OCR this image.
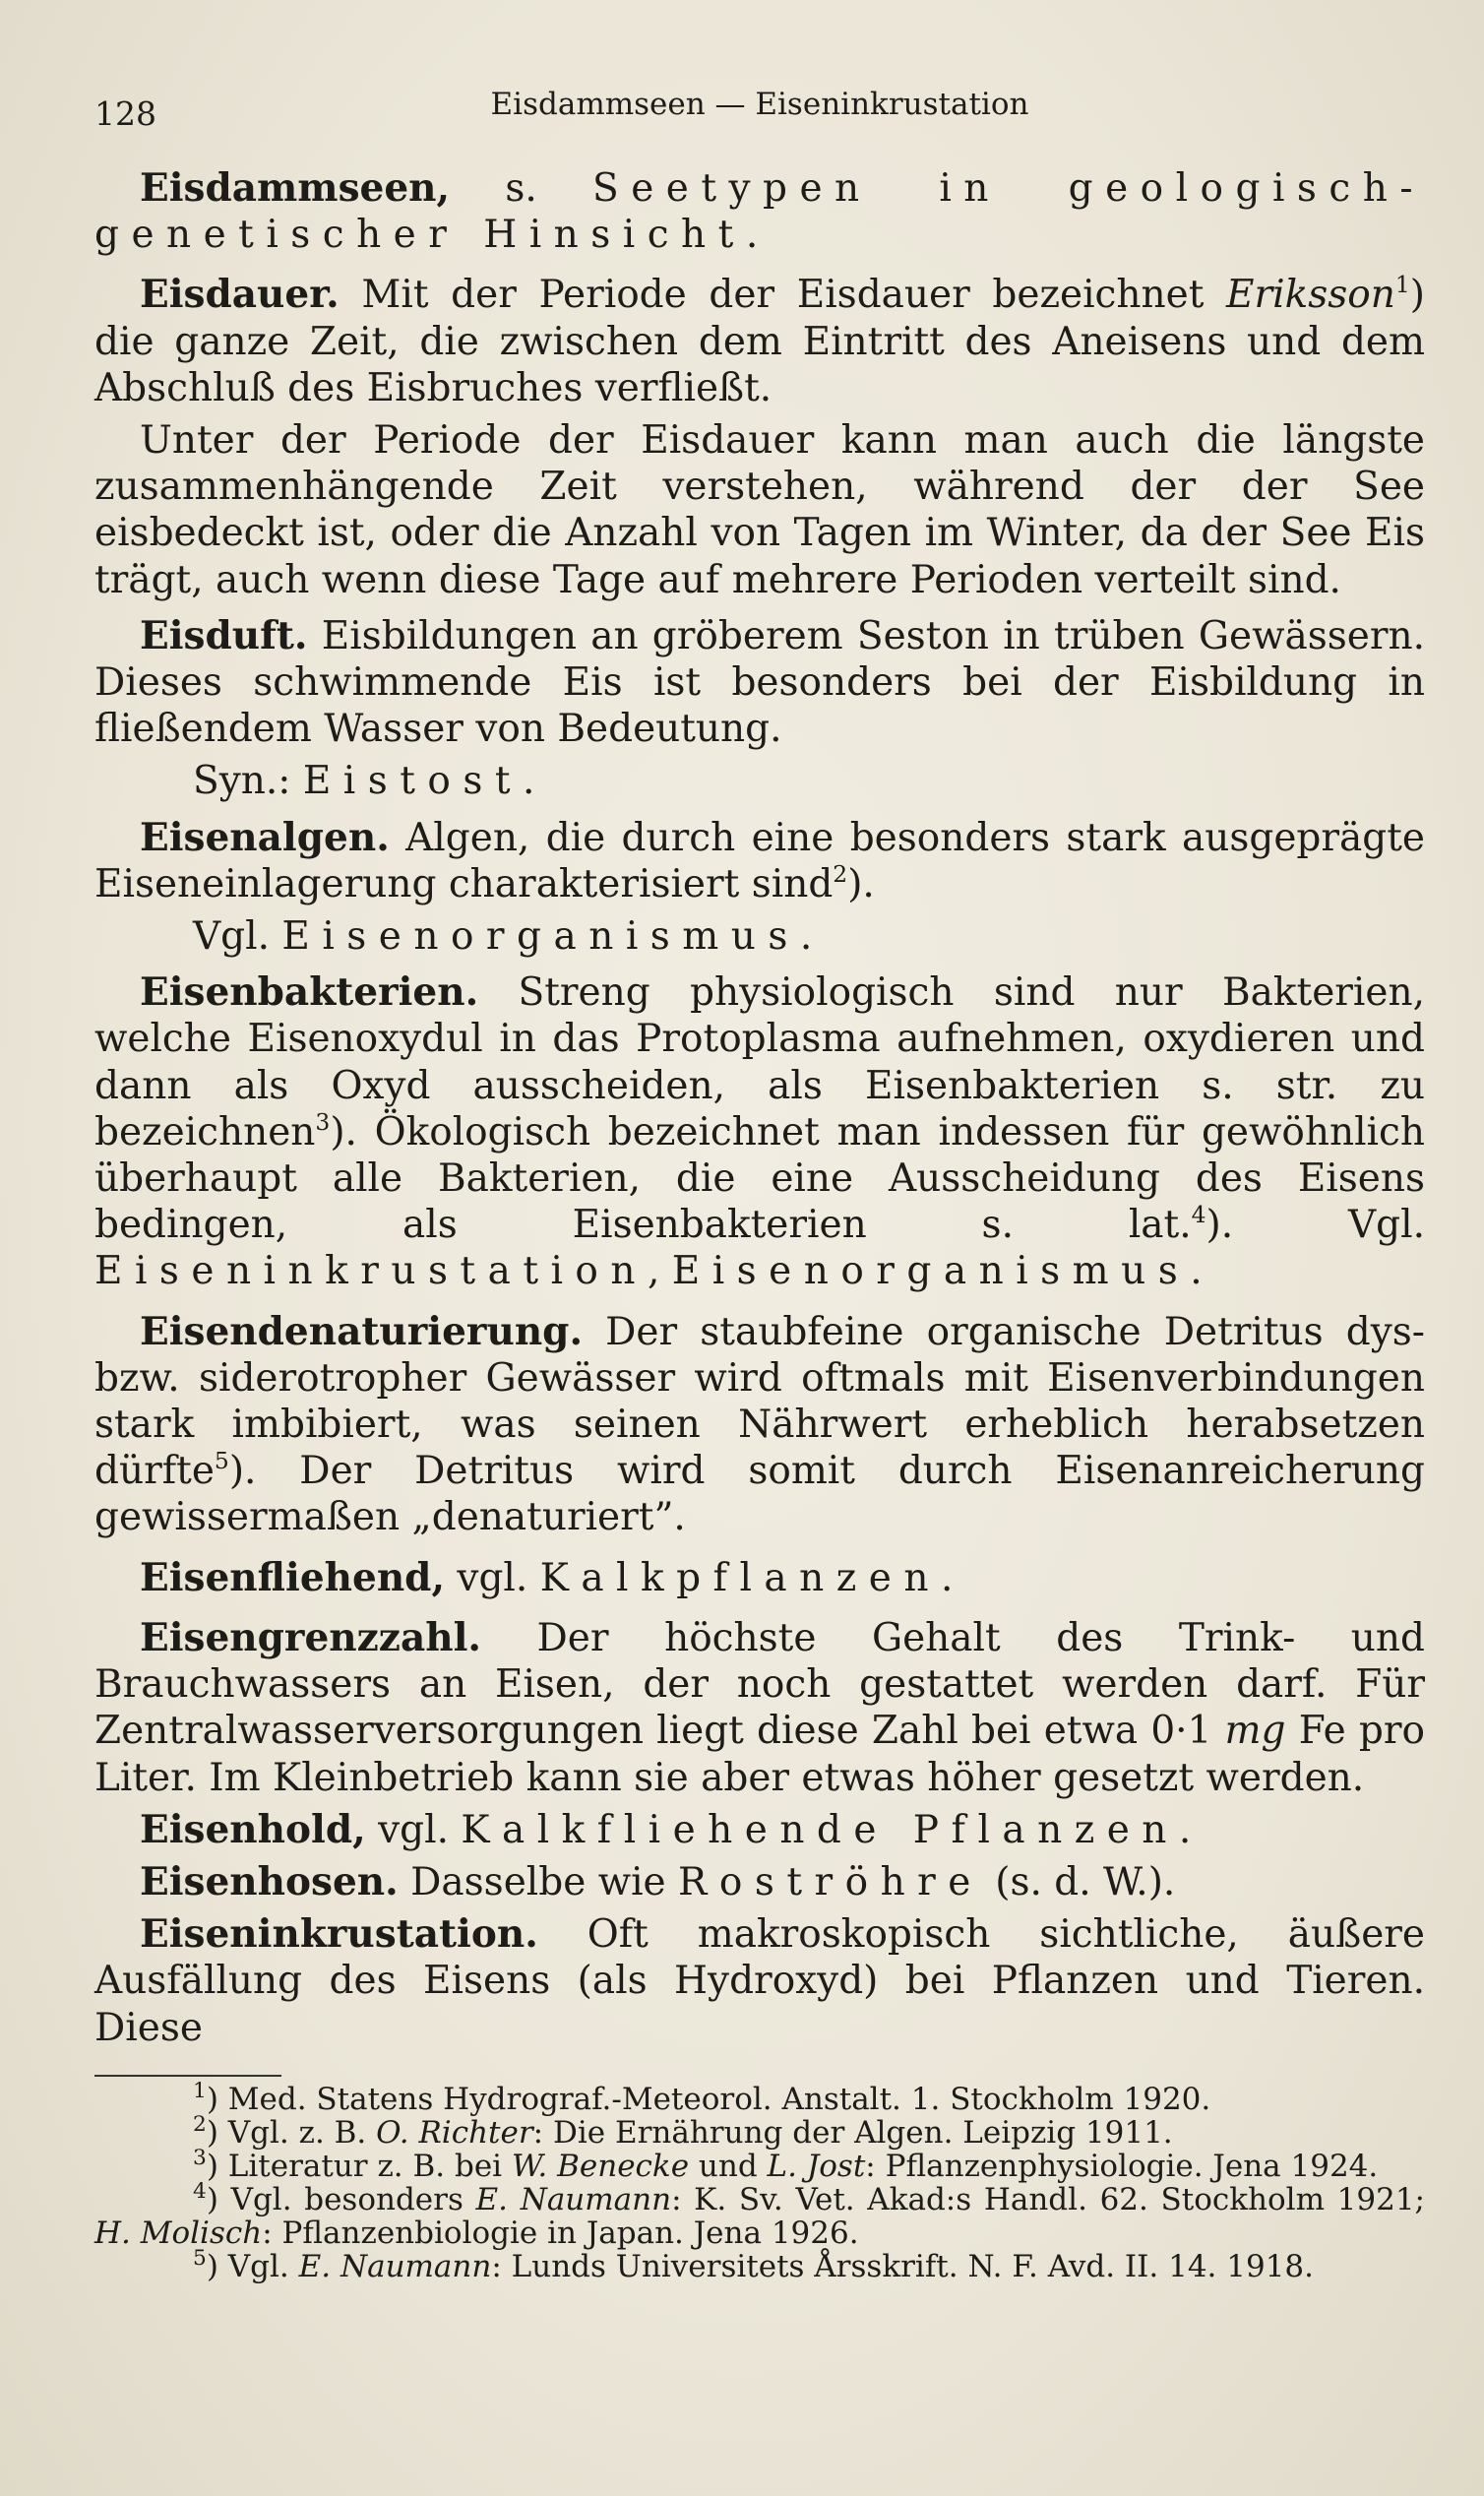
128	Eisdammseen — Eiseninkrustation

Eisdammseen, s. Seetypen in geologisch-genetischer Hinsicht.

Eisdauer. Mit der Periode der Eisdauer bezeichnet Eriksson$^1$) die ganze Zeit, die zwischen dem Eintritt des Aneisens und dem Abschluß des Eisbruches verfließt.

Unter der Periode der Eisdauer kann man auch die längste zusammenhängende Zeit verstehen, während der der See eisbedeckt ist, oder die Anzahl von Tagen im Winter, da der See Eis trägt, auch wenn diese Tage auf mehrere Perioden verteilt sind.

Eisduft. Eisbildungen an gröberem Seston in trüben Gewässern. Dieses schwimmende Eis ist besonders bei der Eisbildung in fließendem Wasser von Bedeutung.

Syn.: Eistost.

Eisenalgen. Algen, die durch eine besonders stark ausgeprägte Eiseneinlagerung charakterisiert sind$^2$).

Vgl. Eisenorganismus.

Eisenbakterien. Streng physiologisch sind nur Bakterien, welche Eisenoxydul in das Protoplasma aufnehmen, oxydieren und dann als Oxyd ausscheiden, als Eisenbakterien s. str. zu bezeichnen$^3$). Ökologisch bezeichnet man indessen für gewöhnlich überhaupt alle Bakterien, die eine Ausscheidung des Eisens bedingen, als Eisenbakterien s. lat.$^4$). Vgl. Eiseninkrustation, Eisenorganismus.

Eisendenaturierung. Der staubfeine organische Detritus dys- bzw. siderotropher Gewässer wird oftmals mit Eisenverbindungen stark imbibiert, was seinen Nährwert erheblich herabsetzen dürfte$^5$). Der Detritus wird somit durch Eisenanreicherung gewissermaßen „denaturiert”.

Eisenfliehend, vgl. Kalkpflanzen.

Eisengrenzzahl. Der höchste Gehalt des Trink- und Brauchwassers an Eisen, der noch gestattet werden darf. Für Zentralwasserversorgungen liegt diese Zahl bei etwa 0·1 mg Fe pro Liter. Im Kleinbetrieb kann sie aber etwas höher gesetzt werden.

Eisenhold, vgl. Kalkfliehende Pflanzen.

Eisenhosen. Dasselbe wie Roströhre (s. d. W.).

Eiseninkrustation. Oft makroskopisch sichtliche, äußere Ausfällung des Eisens (als Hydroxyd) bei Pflanzen und Tieren. Diese

$^1$) Med. Statens Hydrograf.-Meteorol. Anstalt. 1. Stockholm 1920.

$^2$) Vgl. z. B. O. Richter: Die Ernährung der Algen. Leipzig 1911.

$^3$) Literatur z. B. bei W. Benecke und L. Jost: Pflanzenphysiologie. Jena 1924.

$^4$) Vgl. besonders E. Naumann: K. Sv. Vet. Akad:s Handl. 62. Stockholm 1921; H. Molisch: Pflanzenbiologie in Japan. Jena 1926.

$^5$) Vgl. E. Naumann: Lunds Universitets Årsskrift. N. F. Avd. II. 14. 1918.
